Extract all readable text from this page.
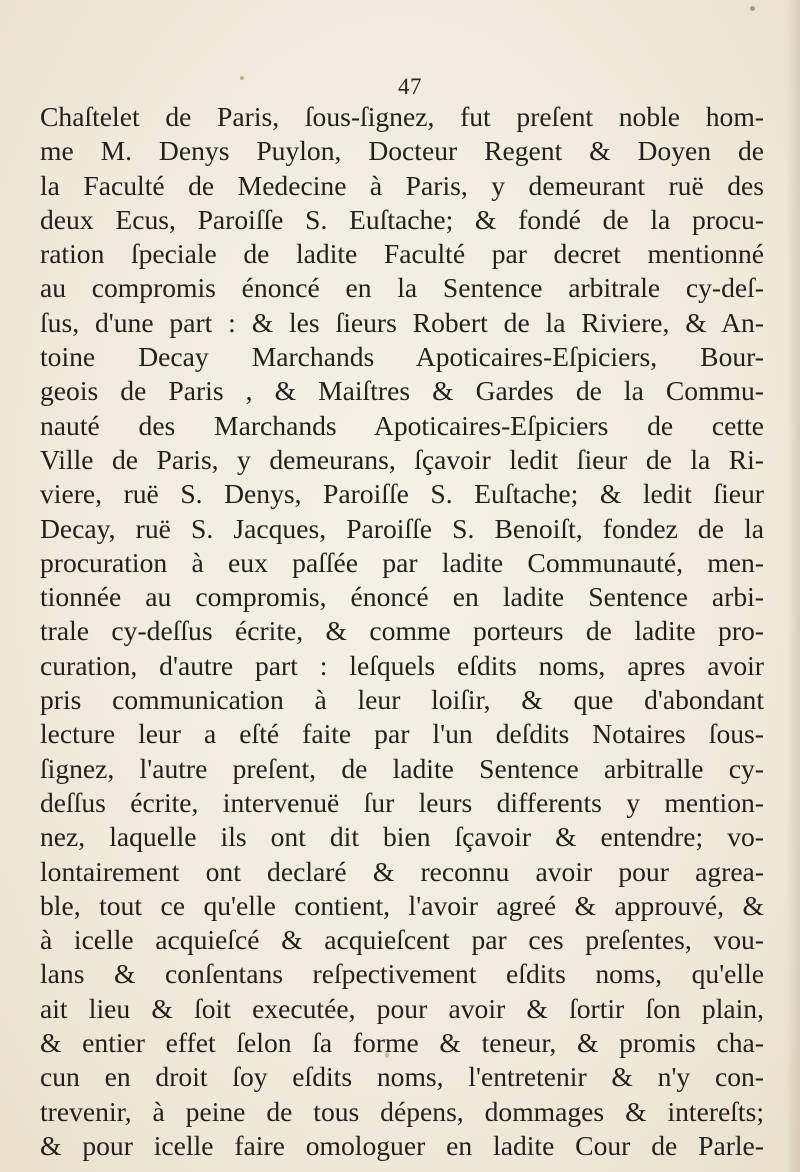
47
Chaſtelet de Paris, ſous-ſignez, fut preſent noble hom-
me M. Denys Puylon, Docteur Regent & Doyen de
la Faculté de Medecine à Paris, y demeurant ruë des
deux Ecus, Paroiſſe S. Euſtache; & fondé de la procu-
ration ſpeciale de ladite Faculté par decret mentionné
au compromis énoncé en la Sentence arbitrale cy-deſ-
ſus, d'une part : & les ſieurs Robert de la Riviere, & An-
toine Decay Marchands Apoticaires-Eſpiciers, Bour-
geois de Paris , & Maiſtres & Gardes de la Commu-
nauté des Marchands Apoticaires-Eſpiciers de cette
Ville de Paris, y demeurans, ſçavoir ledit ſieur de la Ri-
viere, ruë S. Denys, Paroiſſe S. Euſtache; & ledit ſieur
Decay, ruë S. Jacques, Paroiſſe S. Benoiſt, fondez de la
procuration à eux paſſée par ladite Communauté, men-
tionnée au compromis, énoncé en ladite Sentence arbi-
trale cy-deſſus écrite, & comme porteurs de ladite pro-
curation, d'autre part : leſquels eſdits noms, apres avoir
pris communication à leur loiſir, & que d'abondant
lecture leur a eſté faite par l'un deſdits Notaires ſous-
ſignez, l'autre preſent, de ladite Sentence arbitralle cy-
deſſus écrite, intervenuë ſur leurs differents y mention-
nez, laquelle ils ont dit bien ſçavoir & entendre; vo-
lontairement ont declaré & reconnu avoir pour agrea-
ble, tout ce qu'elle contient, l'avoir agreé & approuvé, &
à icelle acquieſcé & acquieſcent par ces preſentes, vou-
lans & conſentans reſpectivement eſdits noms, qu'elle
ait lieu & ſoit executée, pour avoir & ſortir ſon plain,
& entier effet ſelon ſa forme & teneur, & promis cha-
cun en droit ſoy eſdits noms, l'entretenir & n'y con-
trevenir, à peine de tous dépens, dommages & intereſts;
& pour icelle faire omologuer en ladite Cour de Parle-
